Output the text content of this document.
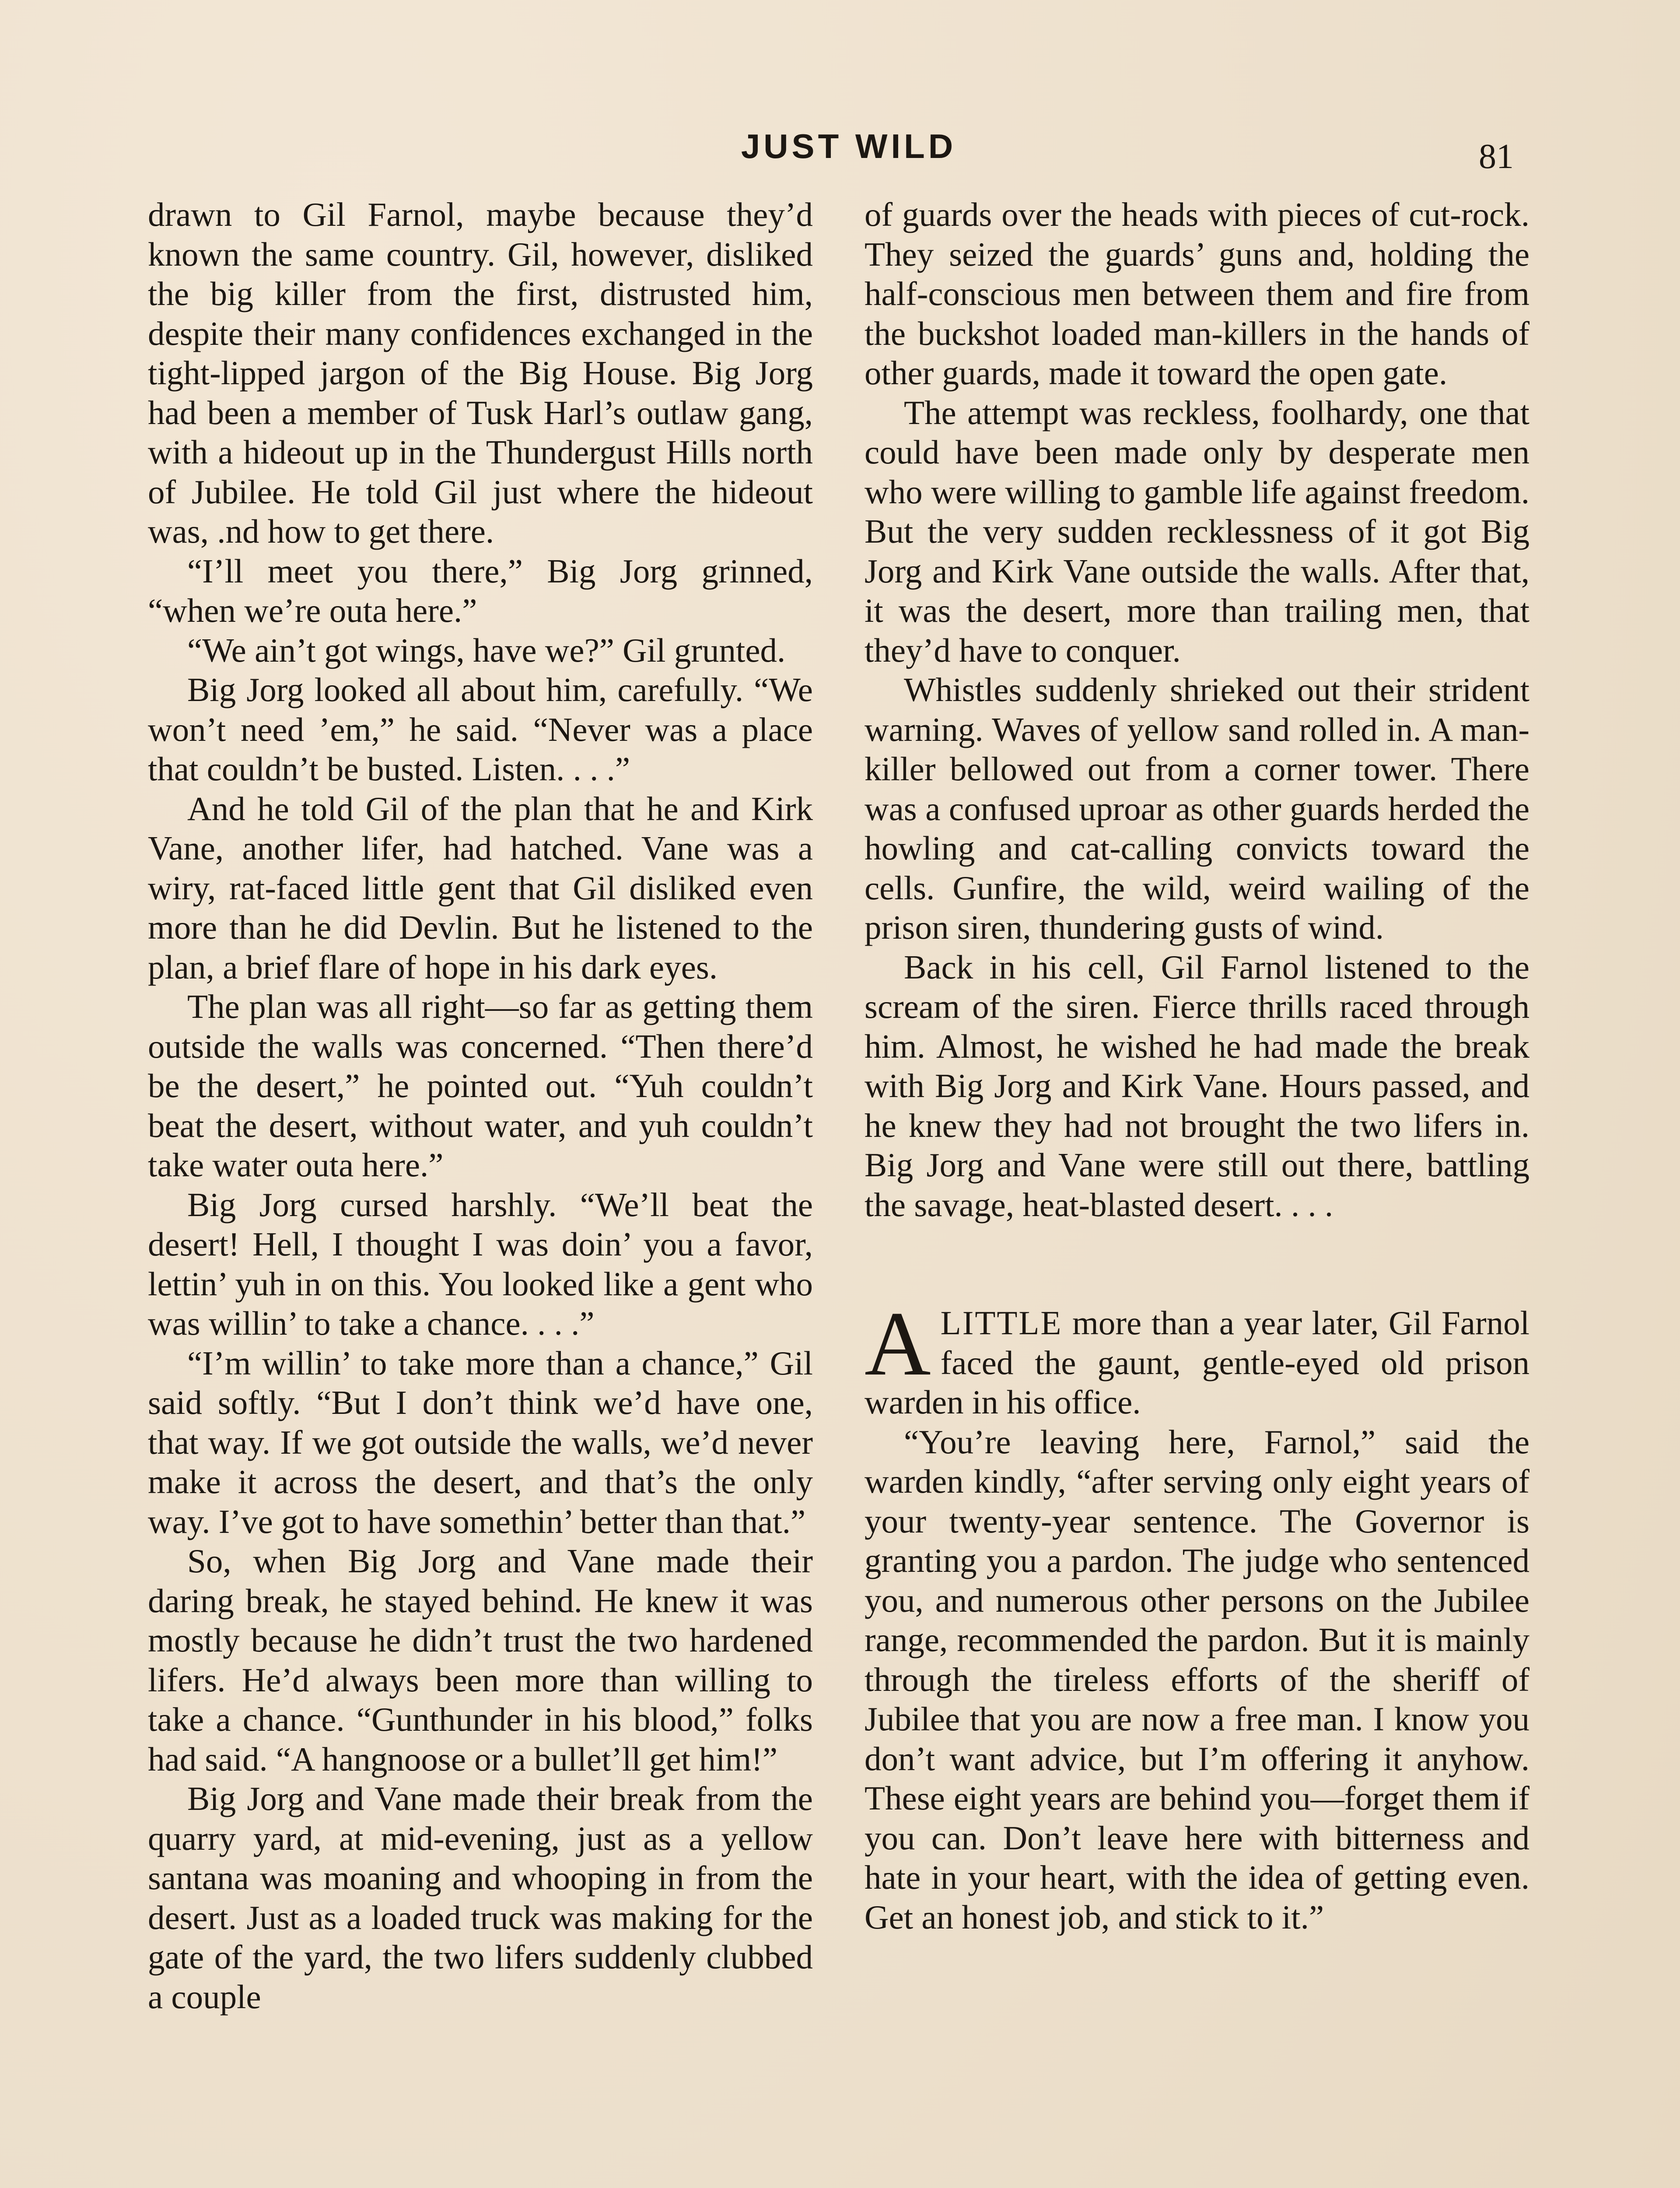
JUST WILD	81

drawn to Gil Farnol, maybe because they’d known the same country. Gil, however, disliked the big killer from the first, distrusted him, despite their many confidences exchanged in the tight-lipped jargon of the Big House. Big Jorg had been a member of Tusk Harl’s outlaw gang, with a hideout up in the Thundergust Hills north of Jubilee. He told Gil just where the hideout was, .nd how to get there.

“I’ll meet you there,” Big Jorg grinned, “when we’re outa here.”

“We ain’t got wings, have we?” Gil grunted.

Big Jorg looked all about him, carefully. “We won’t need ’em,” he said. “Never was a place that couldn’t be busted. Listen. . . .”

And he told Gil of the plan that he and Kirk Vane, another lifer, had hatched. Vane was a wiry, rat-faced little gent that Gil disliked even more than he did Devlin. But he listened to the plan, a brief flare of hope in his dark eyes.

The plan was all right—so far as getting them outside the walls was concerned. “Then there’d be the desert,” he pointed out. “Yuh couldn’t beat the desert, without water, and yuh couldn’t take water outa here.”

Big Jorg cursed harshly. “We’ll beat the desert! Hell, I thought I was doin’ you a favor, lettin’ yuh in on this. You looked like a gent who was willin’ to take a chance. . . .”

“I’m willin’ to take more than a chance,” Gil said softly. “But I don’t think we’d have one, that way. If we got outside the walls, we’d never make it across the desert, and that’s the only way. I’ve got to have somethin’ better than that.”

So, when Big Jorg and Vane made their daring break, he stayed behind. He knew it was mostly because he didn’t trust the two hardened lifers. He’d always been more than willing to take a chance. “Gunthunder in his blood,” folks had said. “A hangnoose or a bullet’ll get him!”

Big Jorg and Vane made their break from the quarry yard, at mid-evening, just as a yellow santana was moaning and whooping in from the desert. Just as a loaded truck was making for the gate of the yard, the two lifers suddenly clubbed a couple

of guards over the heads with pieces of cut-rock. They seized the guards’ guns and, holding the half-conscious men between them and fire from the buckshot loaded man-killers in the hands of other guards, made it toward the open gate.

The attempt was reckless, foolhardy, one that could have been made only by desperate men who were willing to gamble life against freedom. But the very sudden recklessness of it got Big Jorg and Kirk Vane outside the walls. After that, it was the desert, more than trailing men, that they’d have to conquer.

Whistles suddenly shrieked out their strident warning. Waves of yellow sand rolled in. A man-killer bellowed out from a corner tower. There was a confused uproar as other guards herded the howling and cat-calling convicts toward the cells. Gunfire, the wild, weird wailing of the prison siren, thundering gusts of wind.

Back in his cell, Gil Farnol listened to the scream of the siren. Fierce thrills raced through him. Almost, he wished he had made the break with Big Jorg and Kirk Vane. Hours passed, and he knew they had not brought the two lifers in. Big Jorg and Vane were still out there, battling the savage, heat-blasted desert. . . .

ALITTLE more than a year later, Gil Farnol faced the gaunt, gentle-eyed old prison warden in his office.

“You’re leaving here, Farnol,” said the warden kindly, “after serving only eight years of your twenty-year sentence. The Governor is granting you a pardon. The judge who sentenced you, and numerous other persons on the Jubilee range, recommended the pardon. But it is mainly through the tireless efforts of the sheriff of Jubilee that you are now a free man. I know you don’t want advice, but I’m offering it anyhow. These eight years are behind you—forget them if you can. Don’t leave here with bitterness and hate in your heart, with the idea of getting even. Get an honest job, and stick to it.”
